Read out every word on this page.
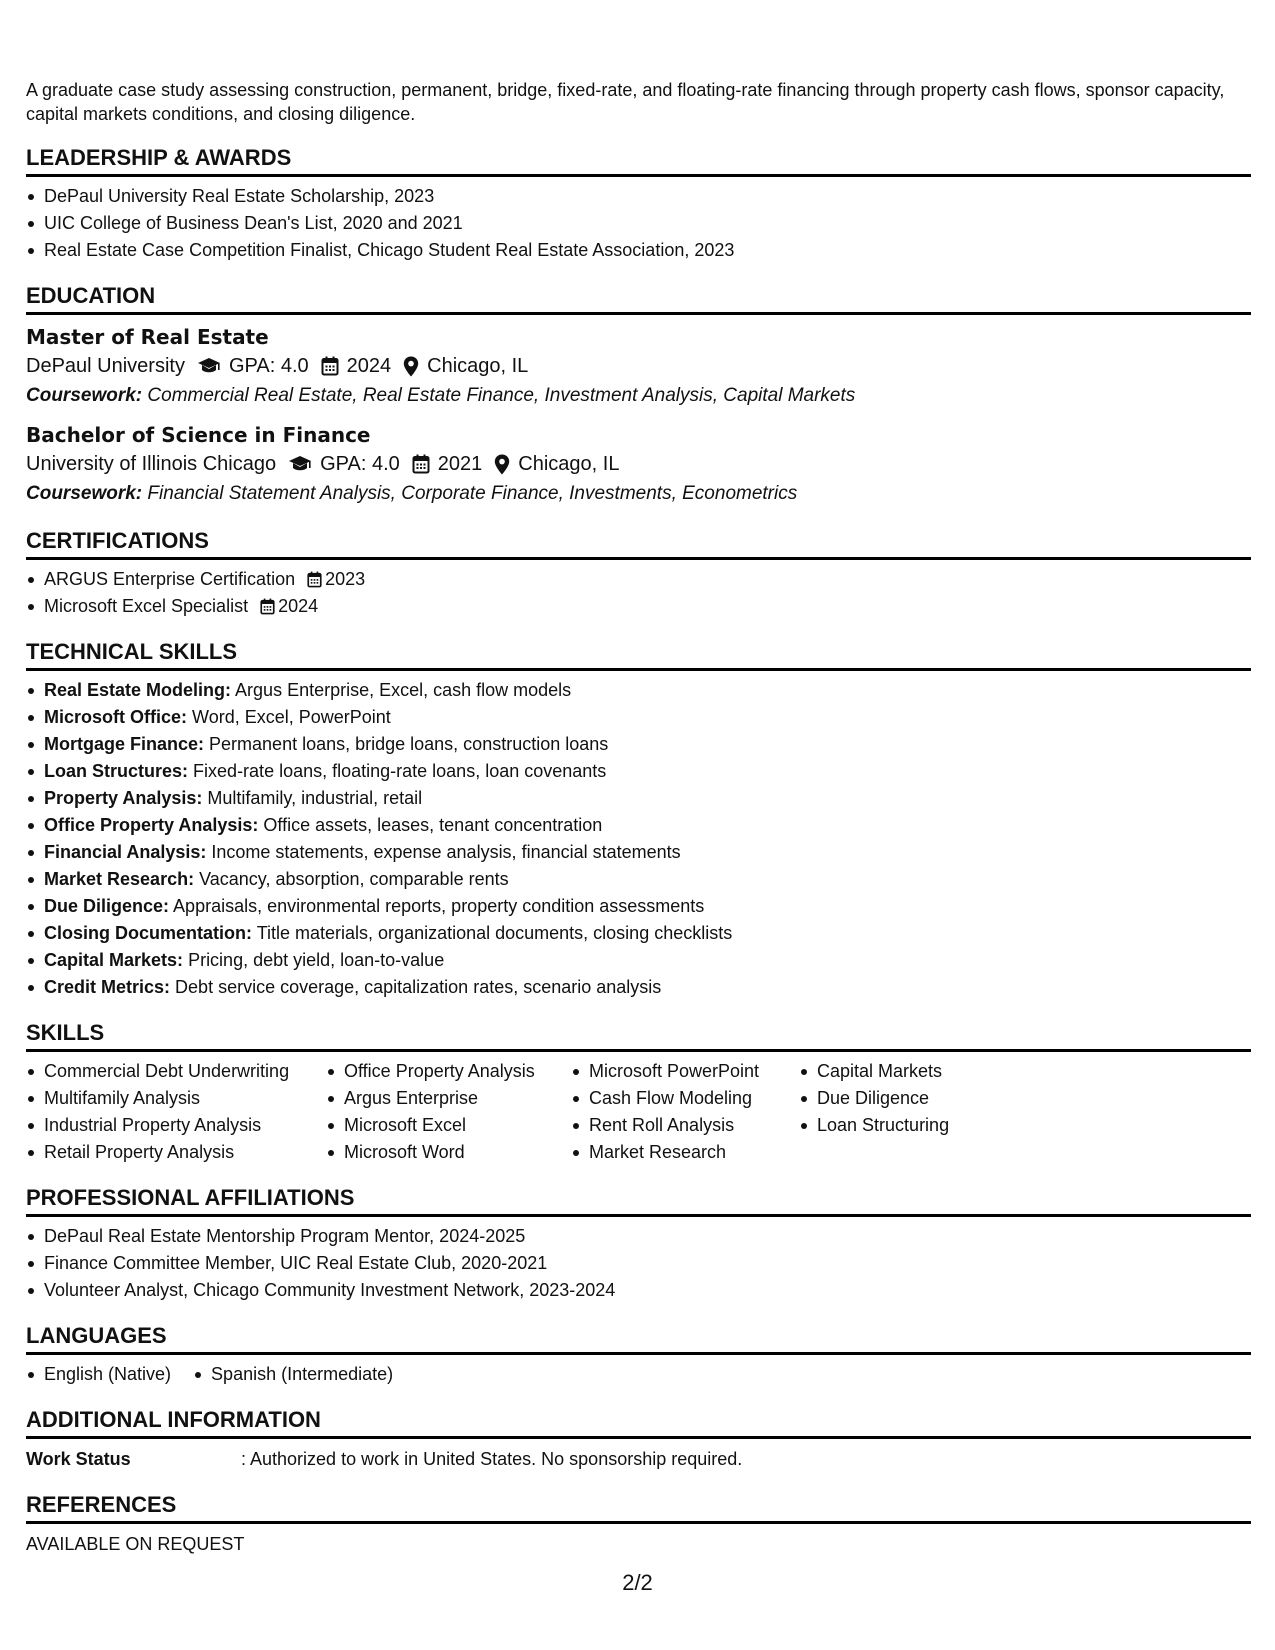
A graduate case study assessing construction, permanent, bridge, fixed-rate, and floating-rate financing through property cash flows, sponsor capacity, capital markets conditions, and closing diligence.

LEADERSHIP & AWARDS
DePaul University Real Estate Scholarship, 2023
UIC College of Business Dean's List, 2020 and 2021
Real Estate Case Competition Finalist, Chicago Student Real Estate Association, 2023
EDUCATION
Master of Real Estate
DePaul University GPA: 4.0 2024 Chicago, IL
Coursework: Commercial Real Estate, Real Estate Finance, Investment Analysis, Capital Markets
Bachelor of Science in Finance
University of Illinois Chicago GPA: 4.0 2021 Chicago, IL
Coursework: Financial Statement Analysis, Corporate Finance, Investments, Econometrics
CERTIFICATIONS
ARGUS Enterprise Certification 2023
Microsoft Excel Specialist 2024
TECHNICAL SKILLS
Real Estate Modeling: Argus Enterprise, Excel, cash flow models
Microsoft Office: Word, Excel, PowerPoint
Mortgage Finance: Permanent loans, bridge loans, construction loans
Loan Structures: Fixed-rate loans, floating-rate loans, loan covenants
Property Analysis: Multifamily, industrial, retail
Office Property Analysis: Office assets, leases, tenant concentration
Financial Analysis: Income statements, expense analysis, financial statements
Market Research: Vacancy, absorption, comparable rents
Due Diligence: Appraisals, environmental reports, property condition assessments
Closing Documentation: Title materials, organizational documents, closing checklists
Capital Markets: Pricing, debt yield, loan-to-value
Credit Metrics: Debt service coverage, capitalization rates, scenario analysis
SKILLS
Commercial Debt Underwriting
Multifamily Analysis
Industrial Property Analysis
Retail Property Analysis
Office Property Analysis
Argus Enterprise
Microsoft Excel
Microsoft Word
Microsoft PowerPoint
Cash Flow Modeling
Rent Roll Analysis
Market Research
Capital Markets
Due Diligence
Loan Structuring
PROFESSIONAL AFFILIATIONS
DePaul Real Estate Mentorship Program Mentor, 2024-2025
Finance Committee Member, UIC Real Estate Club, 2020-2021
Volunteer Analyst, Chicago Community Investment Network, 2023-2024
LANGUAGES
English (Native) Spanish (Intermediate)
ADDITIONAL INFORMATION
Work Status	: Authorized to work in United States. No sponsorship required.
REFERENCES
AVAILABLE ON REQUEST
2/2
